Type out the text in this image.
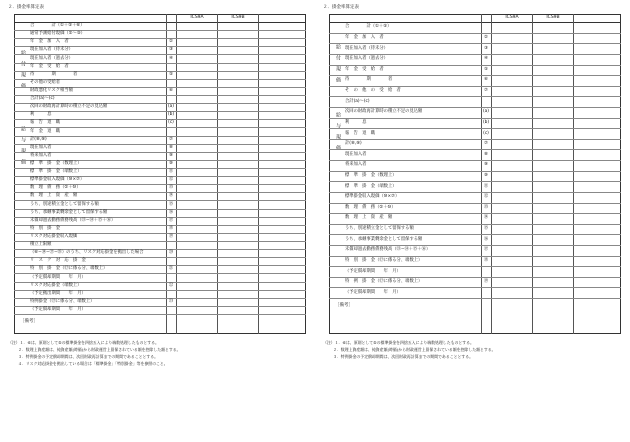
２．掛金率算定表
ICS9A	ICS9B
給付現価
給与現価
合　　　　計（①＋⑤＋⑥）
通常予測給付現価（②〜⑤）
年　金　加　入　者	②
現在加入者（待未分）	③
現在加入者（過去分）	④
年　金　受　給　者
待　　　　期　　　　者	⑤
その他の受給者
財政悪化リスク相当額	⑥
合計(a)〜(c)
次回の財政再計算時の積立不足の見込額	(a)
利　　　息	(b)
報　告　退　職	(c)
年　金　退　職
計(⑧,⑨)	⑦
現在加入者	⑧
将来加入者	⑨
標　準　掛　金（数理上）	⑩
標　準　掛　金（端数上）	⑪
標準掛金収入現価（⑩×⑦）	⑫
数　理　債　務（②＋⑩）	⑬
数　理　上　資　産　額	⑭
うち、別途積立金として留保する額	⑮
うち、承継事業剰余金として留保する額	⑯
未償却過去勤務債務残高（⑬−⑭＋⑮＋⑯）	⑰
特　別　掛　金	⑱
リスク対応掛金収入現価	⑲
積立上限額
（⑥−⑭−⑰−⑱）のうち、リスク対応掛金を拠出した場合	⑳
リ　ス　ク　対　応　掛　金
特　別　掛　金（⑰に係る分、端数上）	㉑
（予定償却期間　　年　月）
リスク対応掛金（端数上）	㉒
（予定拠出期間　　年　月）
特例掛金（⑰に係る分、端数上）	㉓
（予定償却期間　　年　月）
［備考］
（注）１．⑥は、原則として⑤の標準掛金を四捨五入により端数処理したものとする。
２．数理上資産額は、純資産額(時価)から財政運営上留保されている額を控除した額とする。
３．特例掛金の予定償却期間は、次回財政再計算までの期間であることとする。
４．リスク対応掛金を拠出している場合は「標準掛金」「特別掛金」等を参照のこと。
２．掛金率算定表
ICS9A	ICS9B
給付現価
給与現価
合　　　　計（①＋⑤）
年　金　加　入　者	②
現在加入者（待未分）	③
現在加入者（過去分）	④
年　金　受　給　者	⑤
待　　　　期　　　　者	⑥
そ　の　他　の　受　給　者	⑦
合計(a)〜(c)
次回の財政再計算時の積立不足の見込額	(a)
利　　　息	(b)
報　告　退　職	(c)
計(⑧,⑨)	⑦
現在加入者	⑧
将来加入者	⑨
標　準　掛　金（数理上）	⑩
標　準　掛　金（端数上）	⑪
標準掛金収入現価（⑩×⑦）	⑫
数　理　債　務（②＋⑩）	⑬
数　理　上　資　産　額	⑭
うち、別途積立金として留保する額	⑮
うち、承継事業剰余金として留保する額	⑯
未償却過去勤務債務残高（⑬−⑭＋⑮＋⑯）	⑰
特　別　掛　金（⑰に係る分、端数上）	⑱
（予定償却期間　　年　月）
特　例　掛　金（⑰に係る分、端数上）	⑲
（予定償却期間　　年　月）
［備考］
（注）１．⑥は、原則として⑤の標準掛金を四捨五入により端数処理したものとする。
２．数理上資産額は、純資産額(時価)から財政運営上留保されている額を控除した額とする。
３．特例掛金の予定償却期間は、次回財政再計算までの期間であることとする。
